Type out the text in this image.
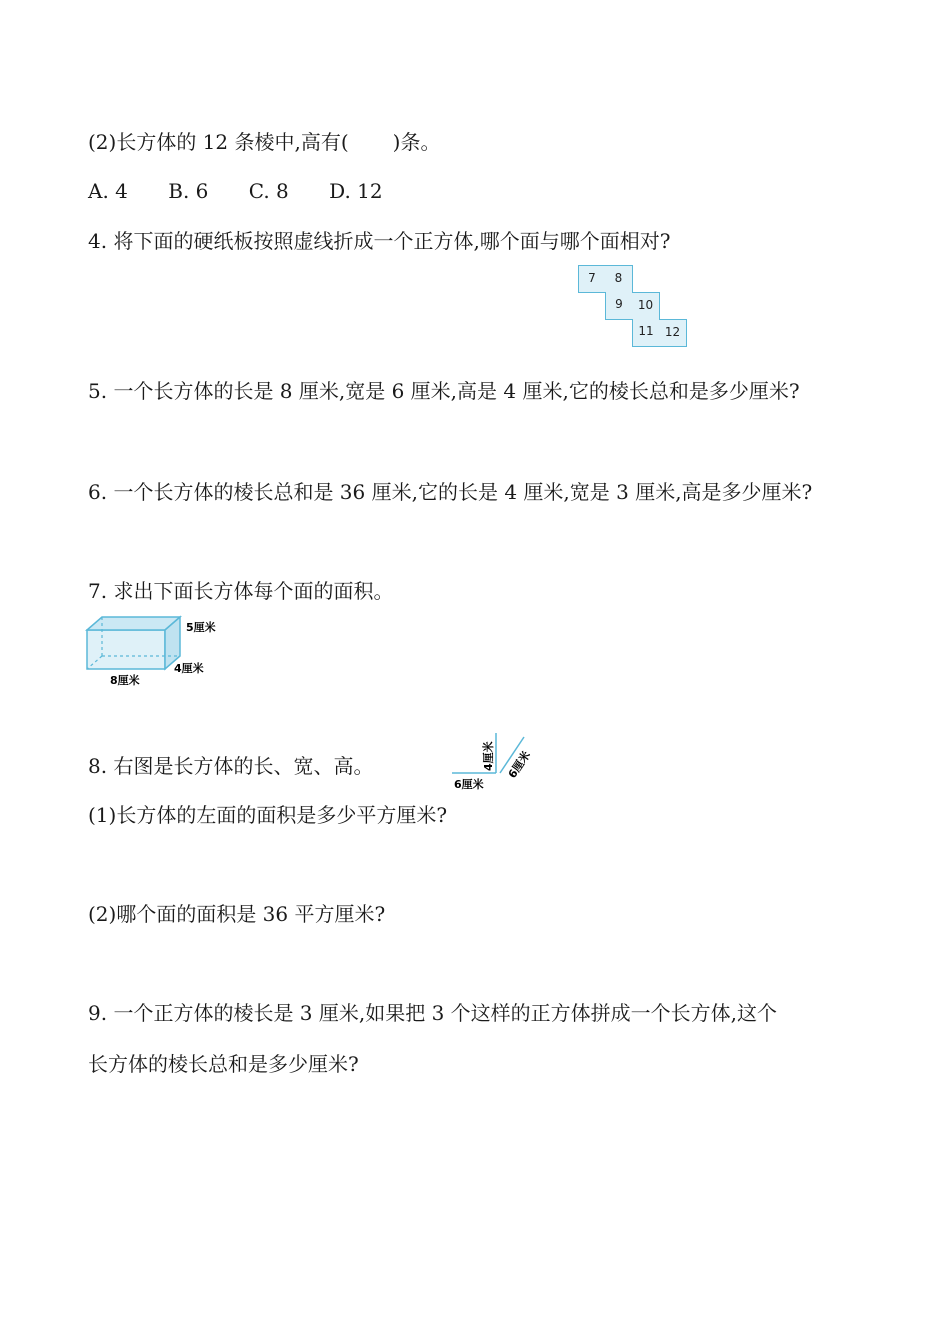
(2)长方体的 12 条棱中,高有( )条。
A. 4 B. 6 C. 8 D. 12
4. 将下面的硬纸板按照虚线折成一个正方体,哪个面与哪个面相对?
7	8
9	10
11 12
5. 一个长方体的长是 8 厘米,宽是 6 厘米,高是 4 厘米,它的棱长总和是多少厘米?
6. 一个长方体的棱长总和是 36 厘米,它的长是 4 厘米,宽是 3 厘米,高是多少厘米?
7. 求出下面长方体每个面的面积。
5厘米
4厘米
8厘米
8. 右图是长方体的长、宽、高。
6厘米
4厘米 6厘米
(1)长方体的左面的面积是多少平方厘米?
(2)哪个面的面积是 36 平方厘米?
9. 一个正方体的棱长是 3 厘米,如果把 3 个这样的正方体拼成一个长方体,这个
长方体的棱长总和是多少厘米?
